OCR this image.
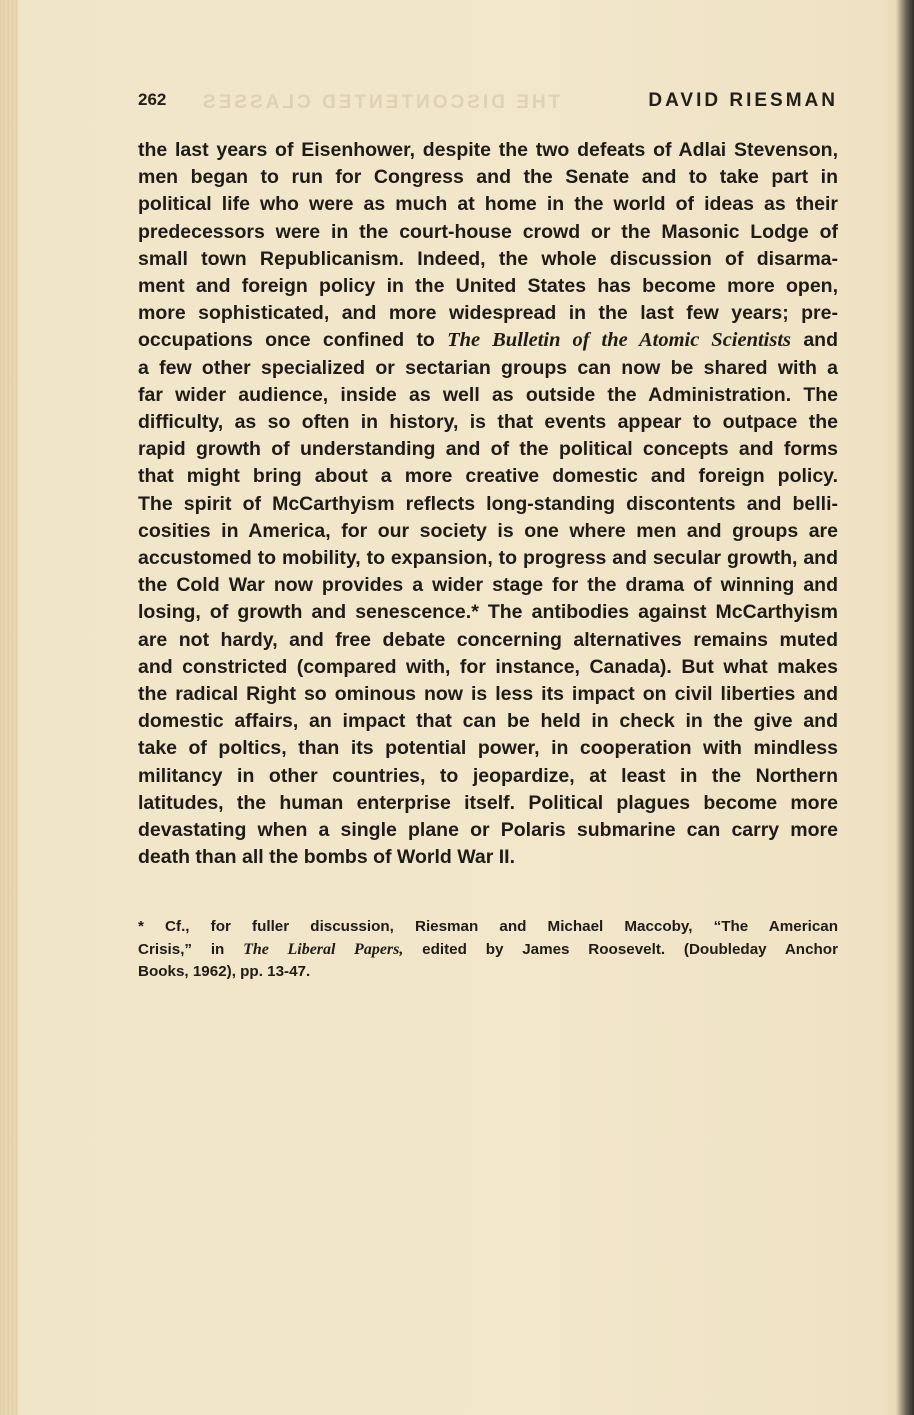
THE DISCONTENTED CLASSES
262	DAVID RIESMAN
the last years of Eisenhower, despite the two defeats of Adlai Stevenson,
men began to run for Congress and the Senate and to take part in
political life who were as much at home in the world of ideas as their
predecessors were in the court-house crowd or the Masonic Lodge of
small town Republicanism. Indeed, the whole discussion of disarma-
ment and foreign policy in the United States has become more open,
more sophisticated, and more widespread in the last few years; pre-
occupations once confined to The Bulletin of the Atomic Scientists and
a few other specialized or sectarian groups can now be shared with a
far wider audience, inside as well as outside the Administration. The
difficulty, as so often in history, is that events appear to outpace the
rapid growth of understanding and of the political concepts and forms
that might bring about a more creative domestic and foreign policy.
The spirit of McCarthyism reflects long-standing discontents and belli-
cosities in America, for our society is one where men and groups are
accustomed to mobility, to expansion, to progress and secular growth, and
the Cold War now provides a wider stage for the drama of winning and
losing, of growth and senescence.* The antibodies against McCarthyism
are not hardy, and free debate concerning alternatives remains muted
and constricted (compared with, for instance, Canada). But what makes
the radical Right so ominous now is less its impact on civil liberties and
domestic affairs, an impact that can be held in check in the give and
take of poltics, than its potential power, in cooperation with mindless
militancy in other countries, to jeopardize, at least in the Northern
latitudes, the human enterprise itself. Political plagues become more
devastating when a single plane or Polaris submarine can carry more
death than all the bombs of World War II.
* Cf., for fuller discussion, Riesman and Michael Maccoby, “The American
Crisis,” in The Liberal Papers, edited by James Roosevelt. (Doubleday Anchor
Books, 1962), pp. 13-47.
